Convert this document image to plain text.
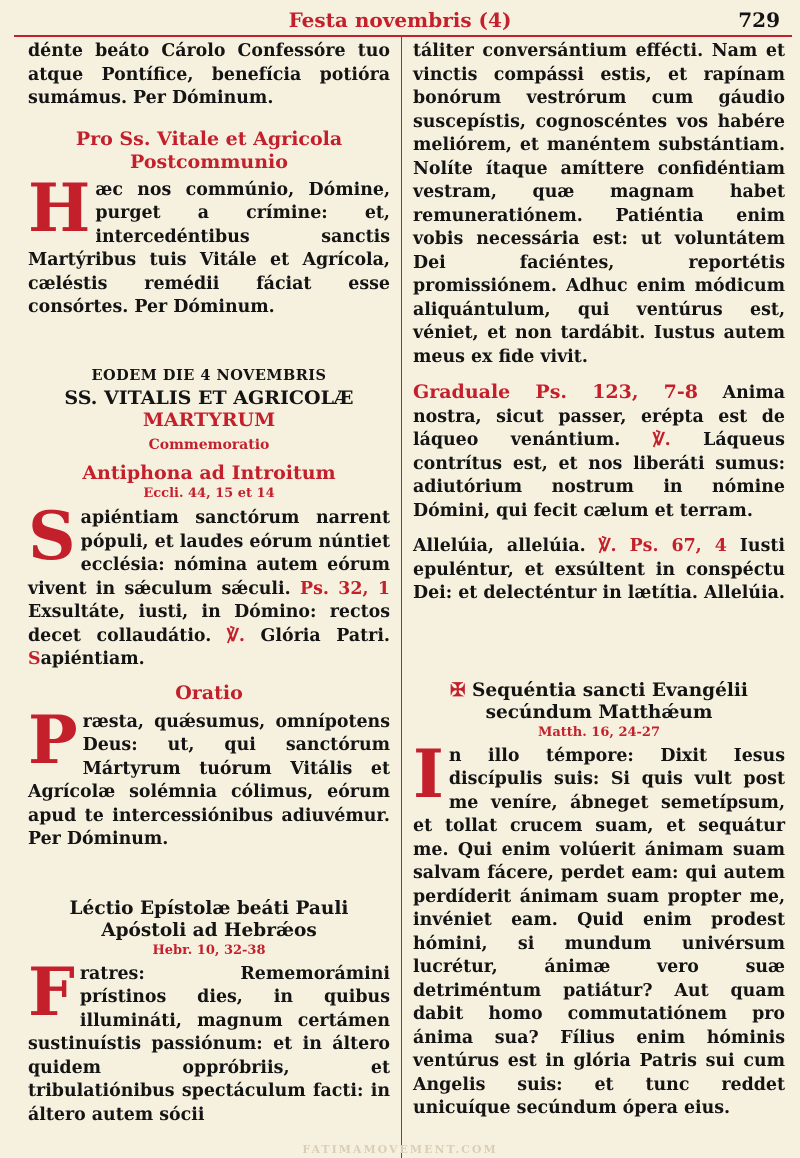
Festa novembris (4)	729

dénte beáto Cárolo Confessóre tuo atque Pontífice, benefícia potióra sumámus. Per Dóminum.

Pro Ss. Vitale et Agricola

Postcommunio

Hæc nos commúnio, Dómine, purget a crímine: et, intercedéntibus sanctis Martýribus tuis Vitále et Agrícola, cæléstis remédii fáciat esse consórtes. Per Dóminum.

EODEM DIE 4 NOVEMBRIS

SS. VITALIS ET AGRICOLÆ

MARTYRUM

Commemoratio

Antiphona ad Introitum

Eccli. 44, 15 et 14

Sapiéntiam sanctórum narrent pópuli, et laudes eórum núntiet ecclésia: nómina autem eórum vivent in sǽculum sǽculi. Ps. 32, 1 Exsultáte, iusti, in Dómino: rectos decet collaudátio. ℣. Glória Patri. Sapiéntiam.

Oratio

Præsta, quǽsumus, omnípotens Deus: ut, qui sanctórum Mártyrum tuórum Vitális et Agrícolæ solémnia cólimus, eórum apud te intercessiónibus adiuvémur. Per Dóminum.

Léctio Epístolæ beáti Pauli

Apóstoli ad Hebrǽos

Hebr. 10, 32-38

Fratres: Rememorámini prístinos dies, in quibus illumináti, magnum certámen sustinuístis passiónum: et in áltero quidem oppróbriis, et tribulatiónibus spectáculum facti: in áltero autem sócii

táliter conversántium effécti. Nam et vinctis compássi estis, et rapínam bonórum vestrórum cum gáudio suscepístis, cognoscéntes vos habére meliórem, et manéntem substántiam. Nolíte ítaque amíttere confidéntiam vestram, quæ magnam habet remuneratiónem. Patiéntia enim vobis necessária est: ut voluntátem Dei faciéntes, reportétis promissiónem. Adhuc enim módicum aliquántulum, qui ventúrus est, véniet, et non tardábit. Iustus autem meus ex fide vivit.

Graduale Ps. 123, 7-8 Anima nostra, sicut passer, erépta est de láqueo venántium. ℣. Láqueus contrítus est, et nos liberáti sumus: adiutórium nostrum in nómine Dómini, qui fecit cælum et terram.

Allelúia, allelúia. ℣. Ps. 67, 4 Iusti epuléntur, et exsúltent in conspéctu Dei: et delecténtur in lætítia. Allelúia.

✠ Sequéntia sancti Evangélii

secúndum Matthǽum

Matth. 16, 24-27

In illo témpore: Dixit Iesus discípulis suis: Si quis vult post me veníre, ábneget semetípsum, et tollat crucem suam, et sequátur me. Qui enim volúerit ánimam suam salvam fácere, perdet eam: qui autem perdíderit ánimam suam propter me, invéniet eam. Quid enim prodest hómini, si mundum univérsum lucrétur, ánimæ vero suæ detriméntum patiátur? Aut quam dabit homo commutatiónem pro ánima sua? Fílius enim hóminis ventúrus est in glória Patris sui cum Angelis suis: et tunc reddet unicuíque secúndum ópera eius.

FATIMAMOVEMENT.COM
